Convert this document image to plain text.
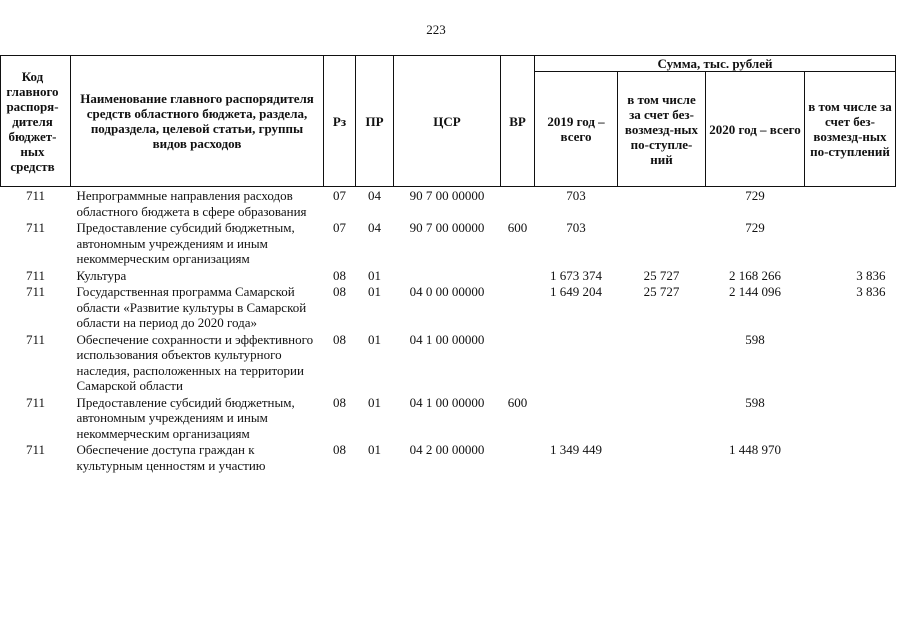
223
Код главного распоря-дителя бюджет-ных средств	Наименование главного распорядителя средств областного бюджета, раздела, подраздела, целевой статьи, группы видов расходов	Рз	ПР	ЦСР	ВР	Сумма, тыс. рублей			
						2019 год – всего	в том числе за счет без-возмезд-ных по-ступле-ний	2020 год – всего	в том числе за счет без-возмезд-ных по-ступлений
711	Непрограммные направления расходов областного бюджета в сфере образования	07	04	90 7 00 00000		703		729	
711	Предоставление субсидий бюджетным, автономным учреждениям и иным некоммерческим организациям	07	04	90 7 00 00000	600	703		729	
711	Культура	08	01			1 673 374	25 727	2 168 266	3 836
711	Государственная программа Самарской области «Развитие культуры в Самарской области на период до 2020 года»	08	01	04 0 00 00000		1 649 204	25 727	2 144 096	3 836
711	Обеспечение сохранности и эффективного использования объектов культурного наследия, расположенных на территории Самарской области	08	01	04 1 00 00000				598	
711	Предоставление субсидий бюджетным, автономным учреждениям и иным некоммерческим организациям	08	01	04 1 00 00000	600			598	
711	Обеспечение доступа граждан к культурным ценностям и участию	08	01	04 2 00 00000		1 349 449		1 448 970	
